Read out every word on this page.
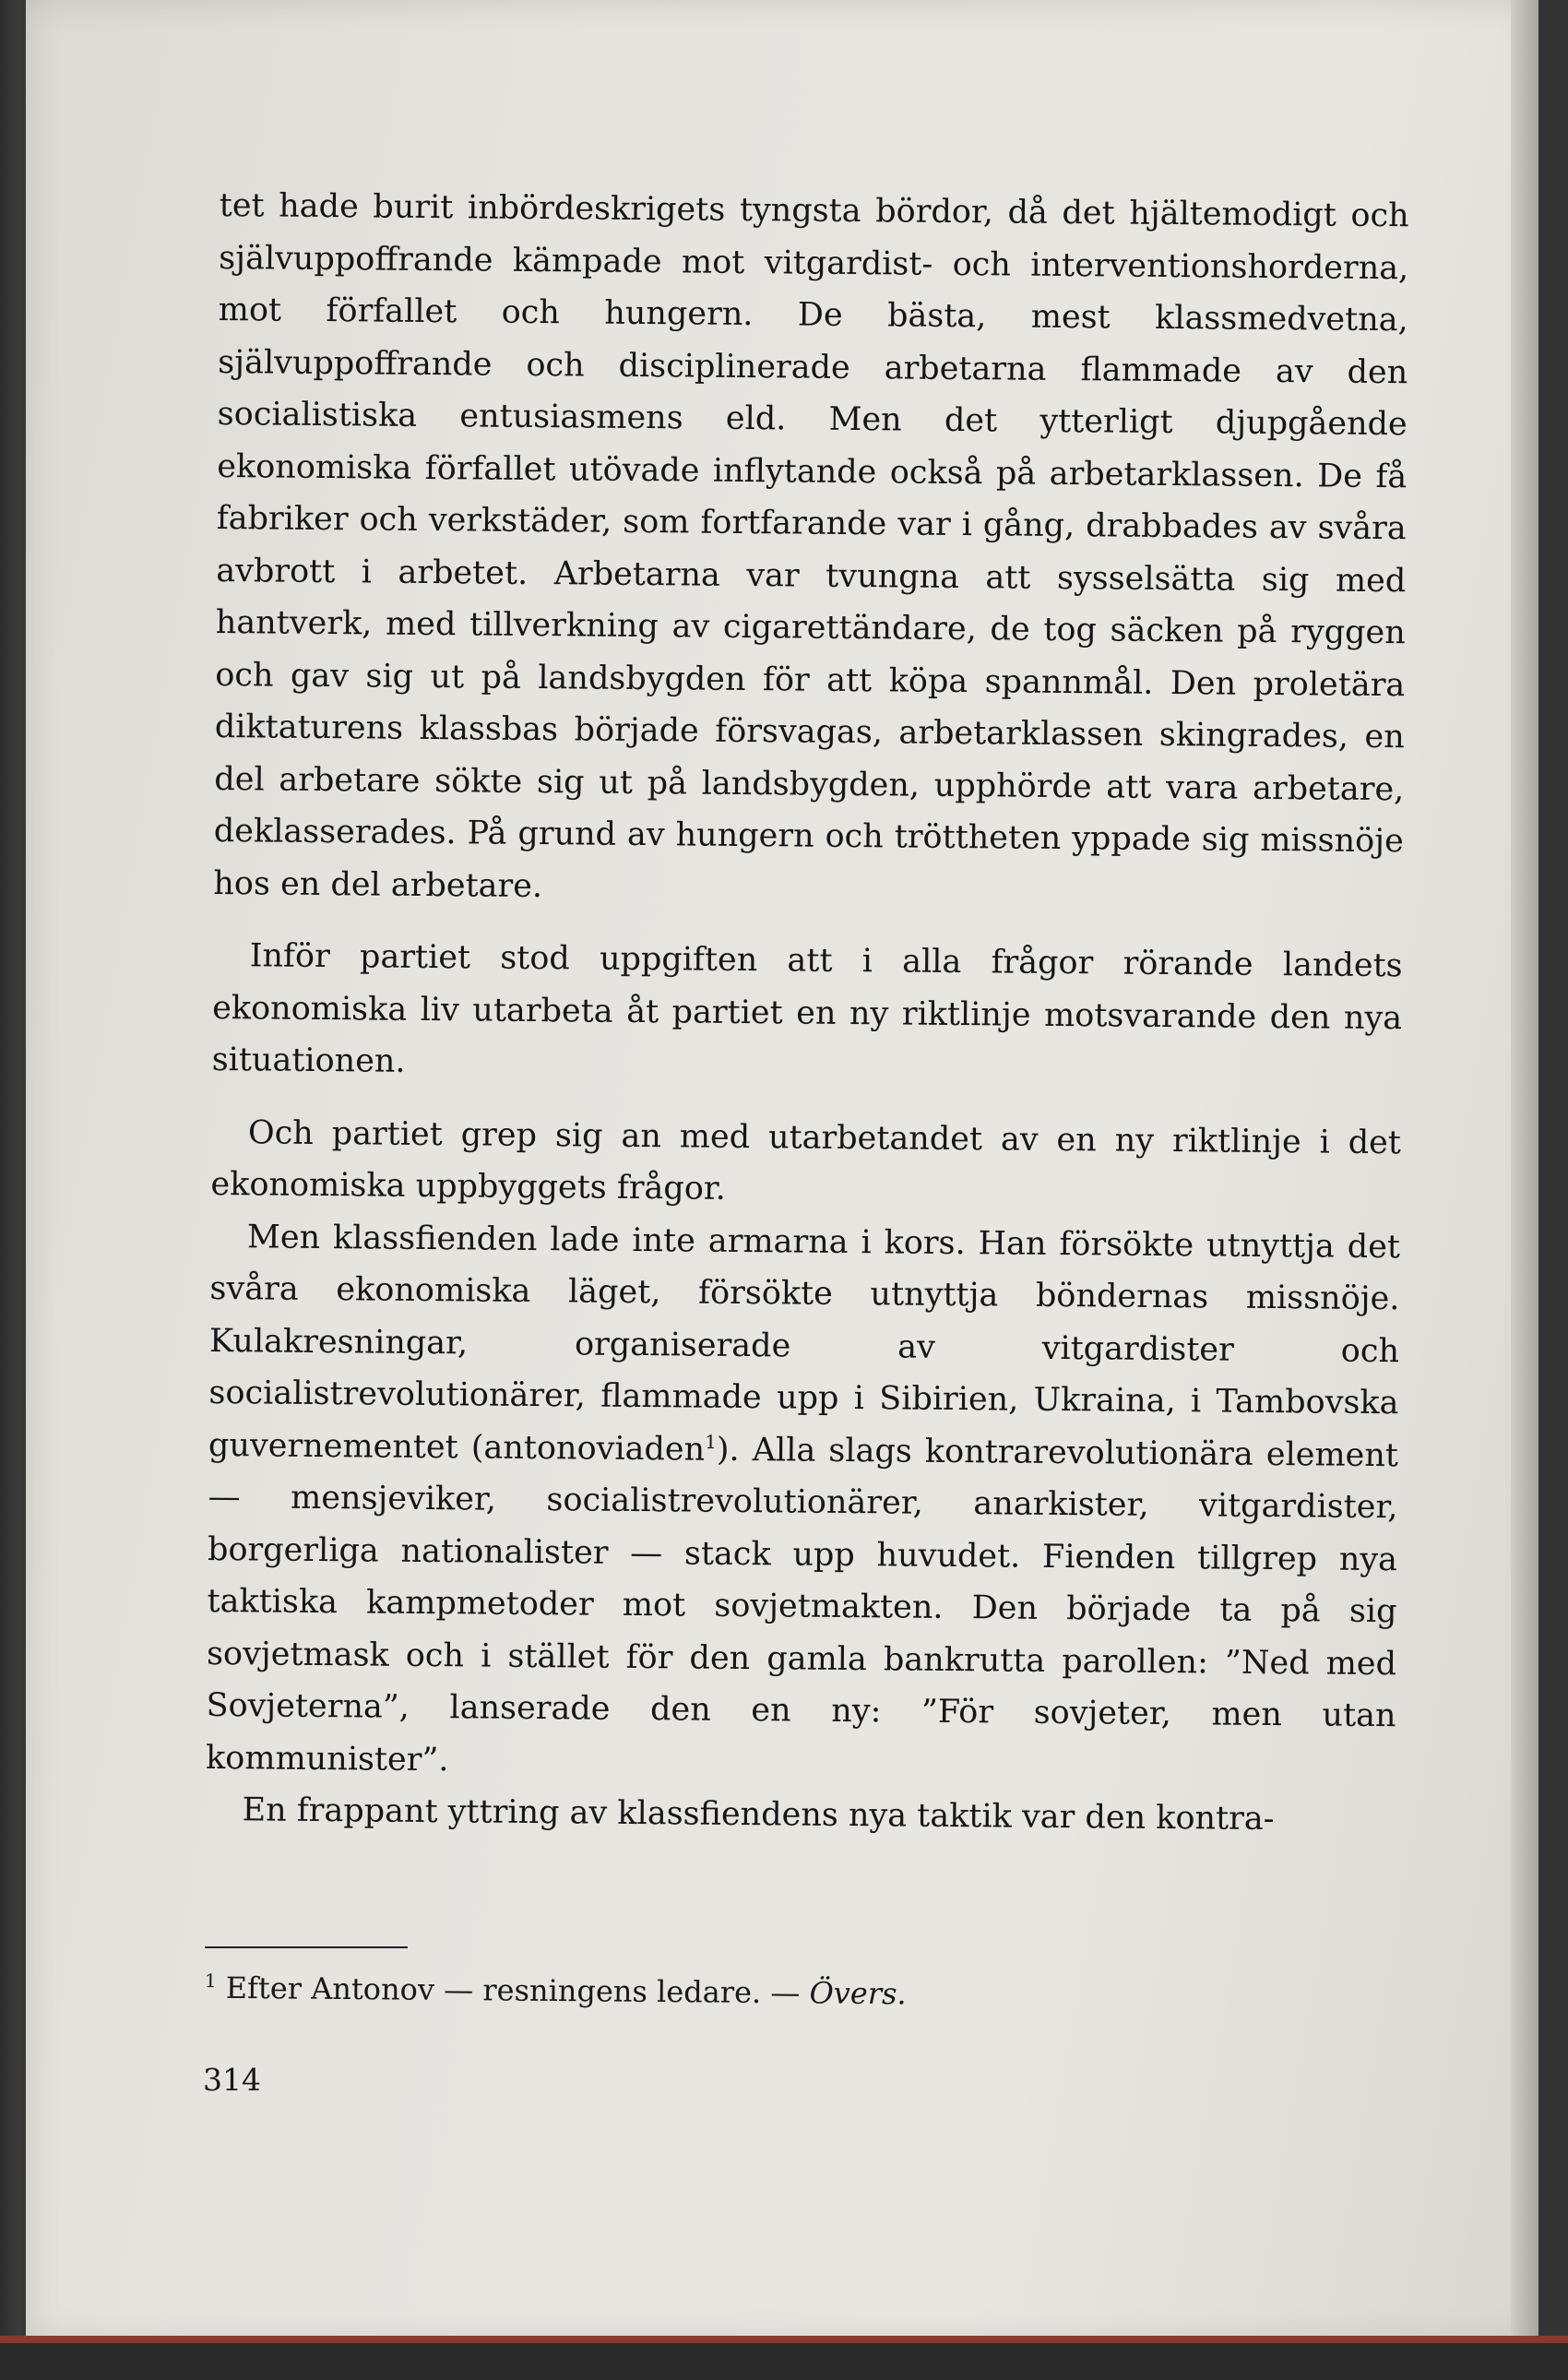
tet hade burit inbördeskrigets tyngsta bördor, då det hjältemodigt och självuppoffrande kämpade mot vitgardist- och interventionshorderna, mot förfallet och hungern. De bästa, mest klassmedvetna, självuppoffrande och disciplinerade arbetarna flammade av den socialistiska entusiasmens eld. Men det ytterligt djupgående ekonomiska förfallet utövade inflytande också på arbetarklassen. De få fabriker och verkstäder, som fortfarande var i gång, drabbades av svåra avbrott i arbetet. Arbetarna var tvungna att sysselsätta sig med hantverk, med tillverkning av cigarettändare, de tog säcken på ryggen och gav sig ut på landsbygden för att köpa spannmål. Den proletära diktaturens klassbas började försvagas, arbetarklassen skingrades, en del arbetare sökte sig ut på landsbygden, upphörde att vara arbetare, deklasserades. På grund av hungern och tröttheten yppade sig missnöje hos en del arbetare.

Inför partiet stod uppgiften att i alla frågor rörande landets ekonomiska liv utarbeta åt partiet en ny riktlinje motsvarande den nya situationen.

Och partiet grep sig an med utarbetandet av en ny riktlinje i det ekonomiska uppbyggets frågor.

Men klassfienden lade inte armarna i kors. Han försökte utnyttja det svåra ekonomiska läget, försökte utnyttja böndernas missnöje. Kulakresningar, organiserade av vitgardister och socialistrevolutionärer, flammade upp i Sibirien, Ukraina, i Tambovska guvernementet (antonoviaden$^1$). Alla slags kontrarevolutionära element — mensjeviker, socialistrevolutionärer, anarkister, vitgardister, borgerliga nationalister — stack upp huvudet. Fienden tillgrep nya taktiska kampmetoder mot sovjetmakten. Den började ta på sig sovjetmask och i stället för den gamla bankrutta parollen: ”Ned med Sovjeterna”, lanserade den en ny: ”För sovjeter, men utan kommunister”.

En frappant yttring av klassfiendens nya taktik var den kontra-

$^1$ Efter Antonov — resningens ledare. — Övers.
314
